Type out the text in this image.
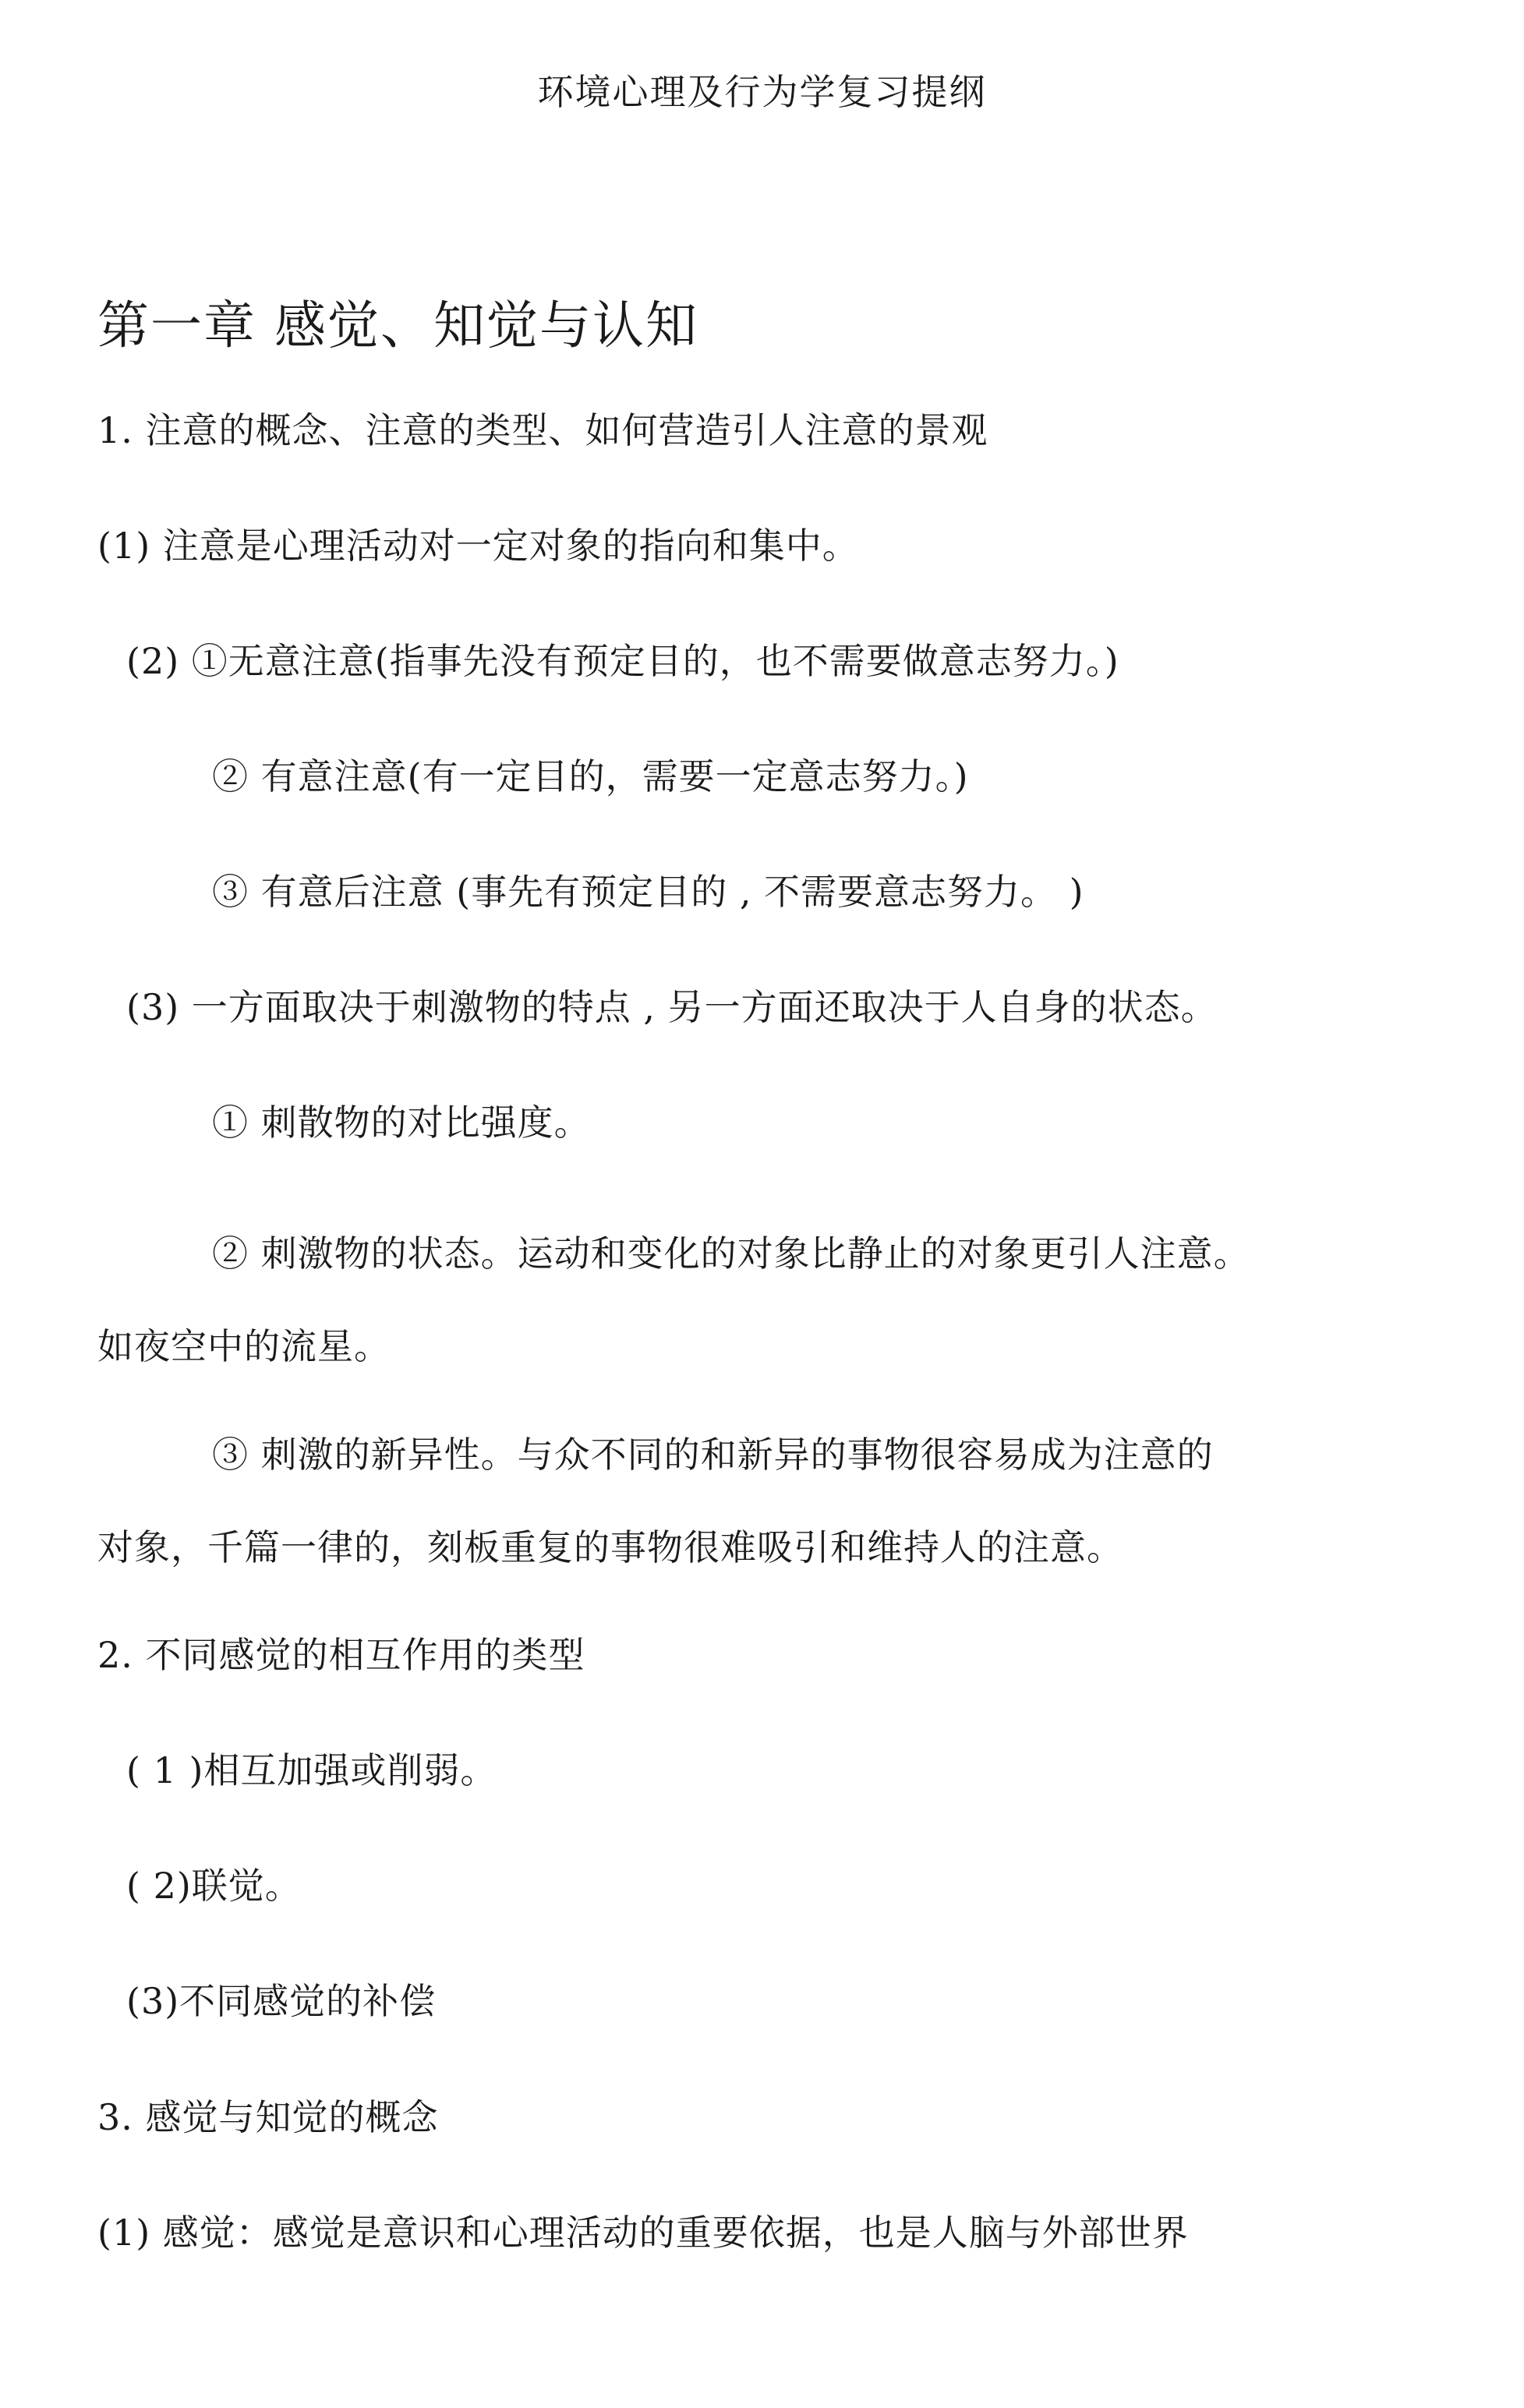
环境心理及行为学复习提纲
第一章 感觉、知觉与认知
1. 注意的概念、注意的类型、如何营造引人注意的景观
(1) 注意是心理活动对一定对象的指向和集中。
(2) ①无意注意(指事先没有预定目的，也不需要做意志努力。)
② 有意注意(有一定目的，需要一定意志努力。)
③ 有意后注意 (事先有预定目的 , 不需要意志努力。 )
(3) 一方面取决于刺激物的特点 , 另一方面还取决于人自身的状态。
① 刺散物的对比强度。
② 刺激物的状态。运动和变化的对象比静止的对象更引人注意。
如夜空中的流星。
③ 刺激的新异性。与众不同的和新异的事物很容易成为注意的
对象，千篇一律的，刻板重复的事物很难吸引和维持人的注意。
2. 不同感觉的相互作用的类型
( 1 )相互加强或削弱。
( 2)联觉。
(3)不同感觉的补偿
3. 感觉与知觉的概念
(1) 感觉：感觉是意识和心理活动的重要依据，也是人脑与外部世界
